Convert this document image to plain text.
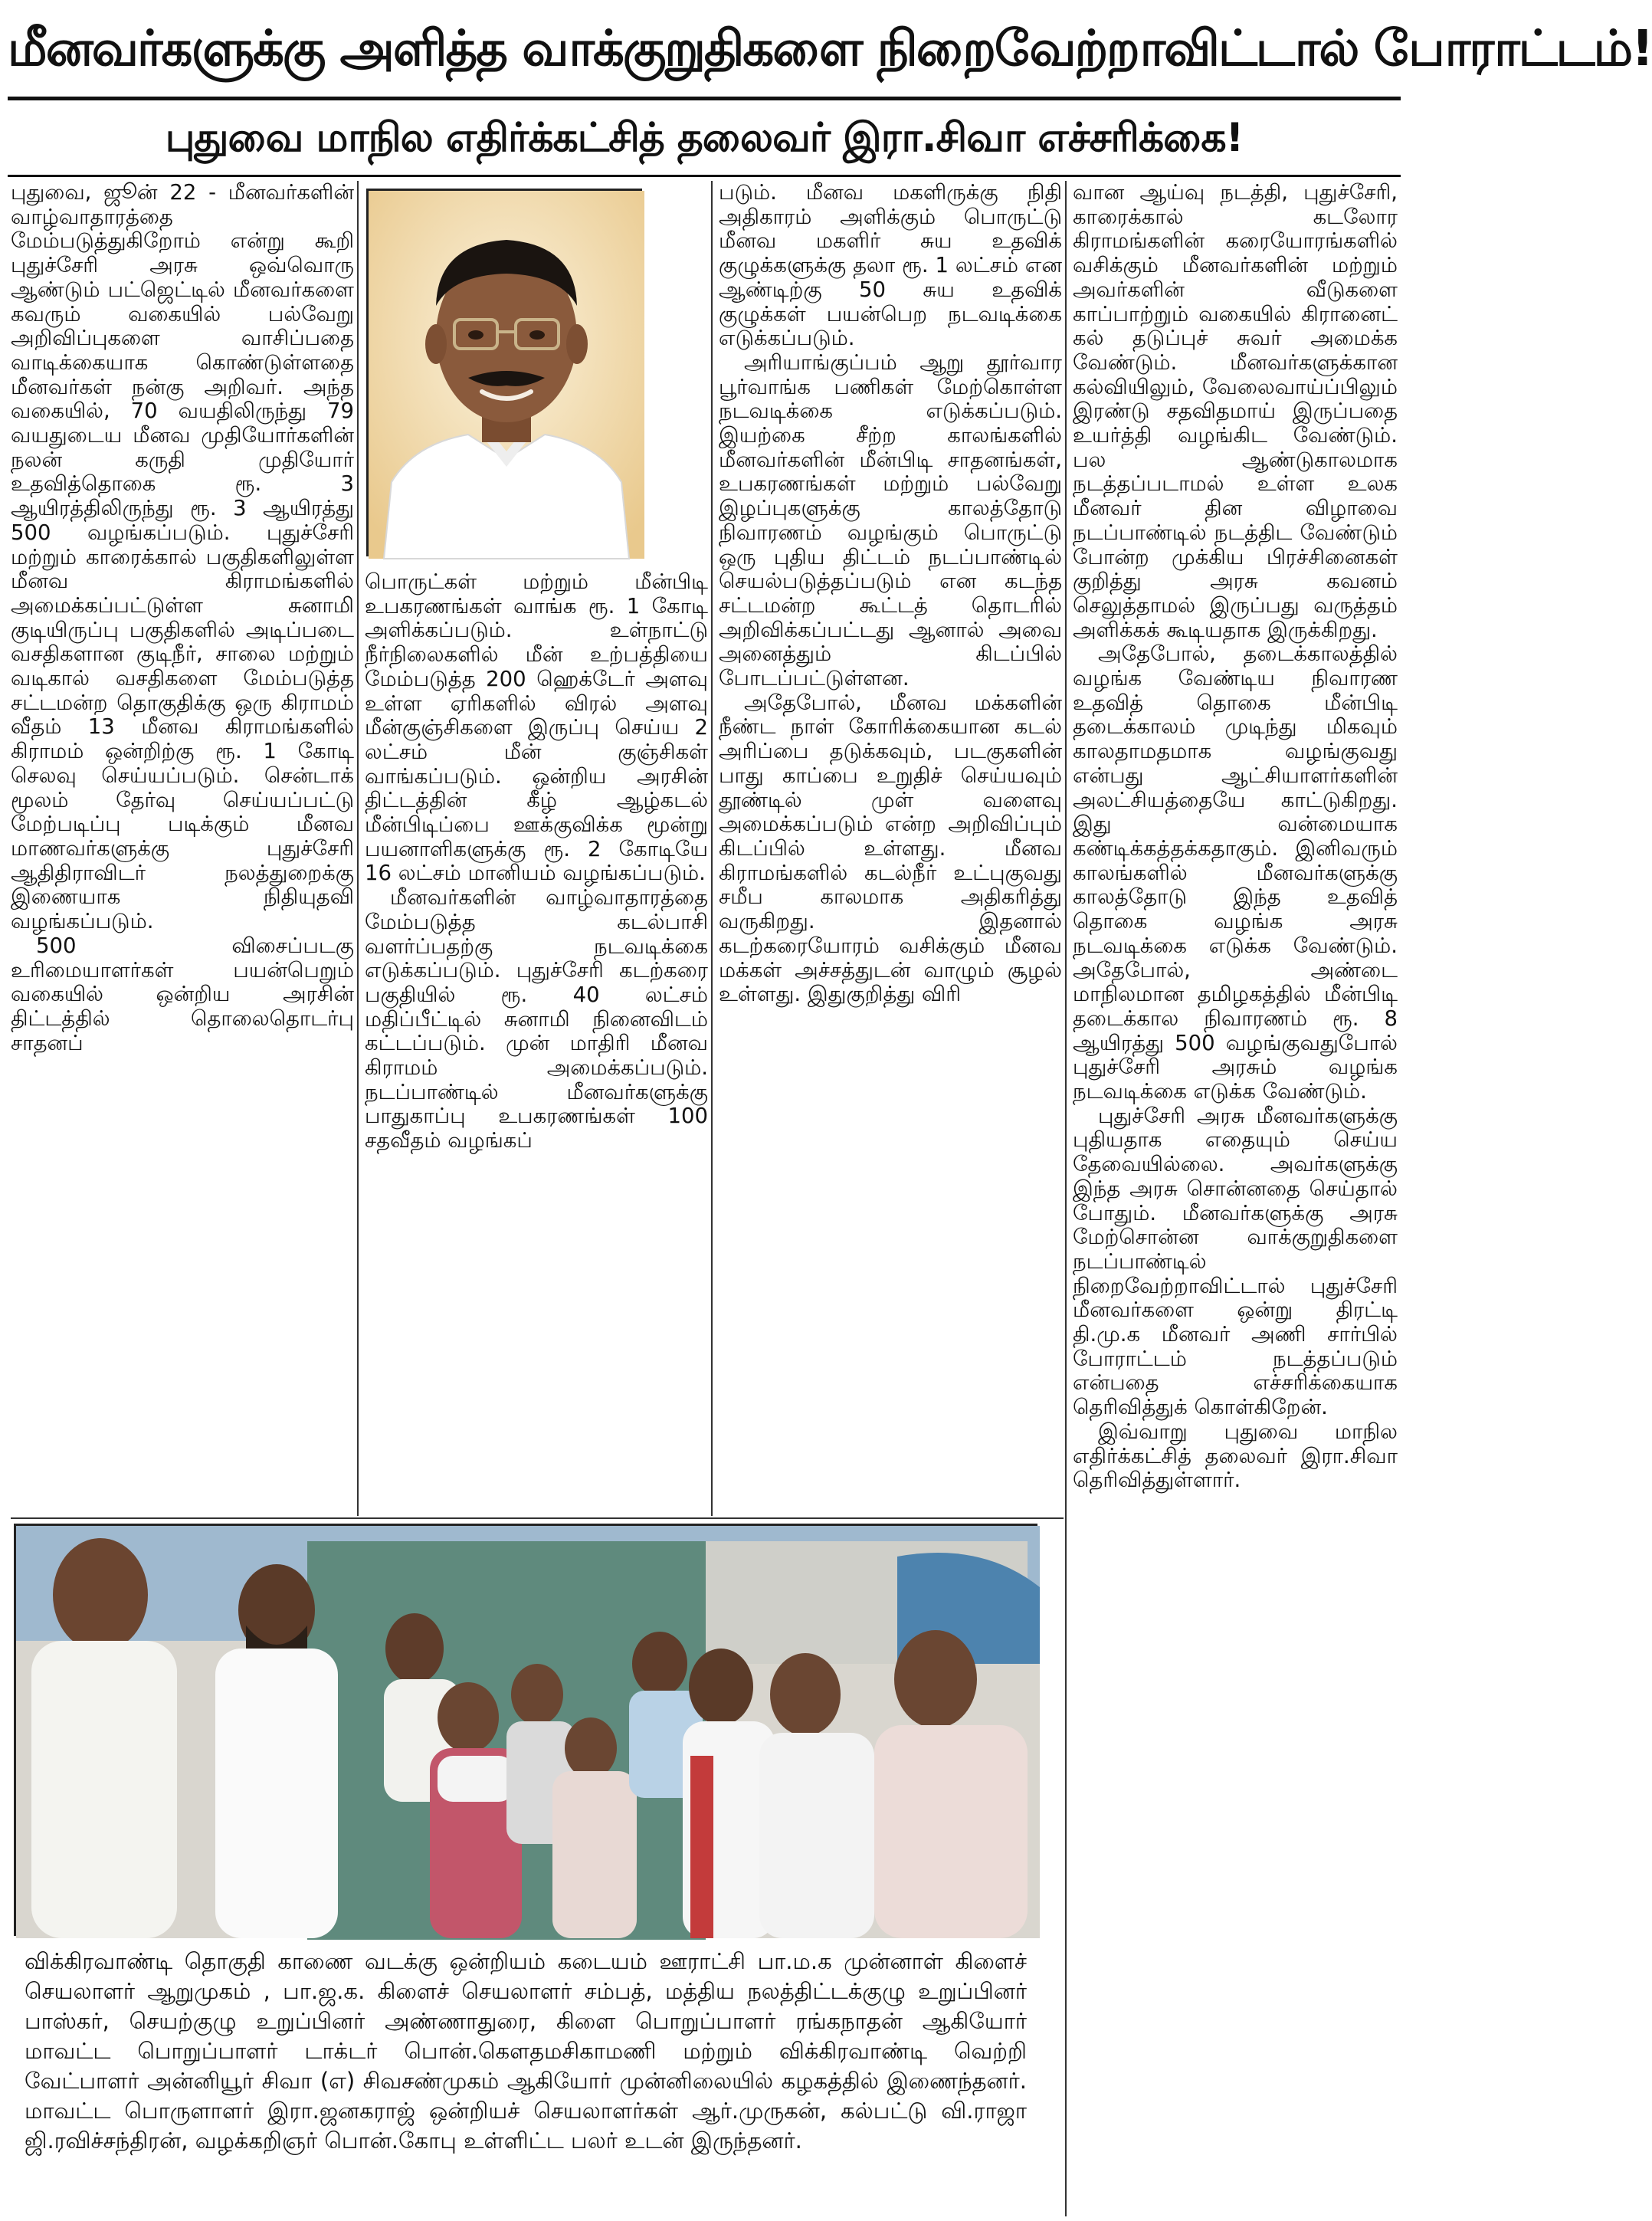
மீனவர்களுக்கு அளித்த வாக்குறுதிகளை நிறைவேற்றாவிட்டால் போராட்டம்!
புதுவை மாநில எதிர்க்கட்சித் தலைவர் இரா.சிவா எச்சரிக்கை!

புதுவை, ஜூன் 22 - மீனவர்களின் வாழ்வாதாரத்தை மேம்படுத்துகிறோம் என்று கூறி புதுச்சேரி அரசு ஒவ்வொரு ஆண்டும் பட்ஜெட்டில் மீனவர்களை கவரும் வகையில் பல்வேறு அறிவிப்புகளை வாசிப்பதை வாடிக்கையாக கொண்டுள்ளதை மீனவர்கள் நன்கு அறிவர். அந்த வகையில், 70 வயதிலிருந்து 79 வயதுடைய மீனவ முதியோர்களின் நலன் கருதி முதியோர் உதவித்தொகை ரூ. 3 ஆயிரத்திலிருந்து ரூ. 3 ஆயிரத்து 500 வழங்கப்படும். புதுச்சேரி மற்றும் காரைக்கால் பகுதிகளிலுள்ள மீனவ கிராமங்களில் அமைக்கப்பட்டுள்ள சுனாமி குடியிருப்பு பகுதிகளில் அடிப்படை வசதிகளான குடிநீர், சாலை மற்றும் வடிகால் வசதிகளை மேம்படுத்த சட்டமன்ற தொகுதிக்கு ஒரு கிராமம் வீதம் 13 மீனவ கிராமங்களில் கிராமம் ஒன்றிற்கு ரூ. 1 கோடி செலவு செய்யப்படும். சென்டாக் மூலம் தேர்வு செய்யப்பட்டு மேற்படிப்பு படிக்கும் மீனவ மாணவர்களுக்கு புதுச்சேரி ஆதிதிராவிடர் நலத்துறைக்கு இணையாக நிதியுதவி வழங்கப்படும்.

500 விசைப்படகு உரிமையாளர்கள் பயன்பெறும் வகையில் ஒன்றிய அரசின் திட்டத்தில் தொலைதொடர்பு சாதனப்

பொருட்கள் மற்றும் மீன்பிடி உபகரணங்கள் வாங்க ரூ. 1 கோடி அளிக்கப்படும். உள்நாட்டு நீர்நிலைகளில் மீன் உற்பத்தியை மேம்படுத்த 200 ஹெக்டேர் அளவு உள்ள ஏரிகளில் விரல் அளவு மீன்குஞ்சிகளை இருப்பு செய்ய 2 லட்சம் மீன் குஞ்சிகள் வாங்கப்படும். ஒன்றிய அரசின் திட்டத்தின் கீழ் ஆழ்கடல் மீன்பிடிப்பை ஊக்குவிக்க மூன்று பயனாளிகளுக்கு ரூ. 2 கோடியே 16 லட்சம் மானியம் வழங்கப்படும்.

மீனவர்களின் வாழ்வாதாரத்தை மேம்படுத்த கடல்பாசி வளர்ப்பதற்கு நடவடிக்கை எடுக்கப்படும். புதுச்சேரி கடற்கரை பகுதியில் ரூ. 40 லட்சம் மதிப்பீட்டில் சுனாமி நினைவிடம் கட்டப்படும். முன் மாதிரி மீனவ கிராமம் அமைக்கப்படும். நடப்பாண்டில் மீனவர்களுக்கு பாதுகாப்பு உபகரணங்கள் 100 சதவீதம் வழங்கப்

படும். மீனவ மகளிருக்கு நிதி அதிகாரம் அளிக்கும் பொருட்டு மீனவ மகளிர் சுய உதவிக் குழுக்களுக்கு தலா ரூ. 1 லட்சம் என ஆண்டிற்கு 50 சுய உதவிக் குழுக்கள் பயன்பெற நடவடிக்கை எடுக்கப்படும்.

அரியாங்குப்பம் ஆறு தூர்வார பூர்வாங்க பணிகள் மேற்கொள்ள நடவடிக்கை எடுக்கப்படும். இயற்கை சீற்ற காலங்களில் மீனவர்களின் மீன்பிடி சாதனங்கள், உபகரணங்கள் மற்றும் பல்வேறு இழப்புகளுக்கு காலத்தோடு நிவாரணம் வழங்கும் பொருட்டு ஒரு புதிய திட்டம் நடப்பாண்டில் செயல்படுத்தப்படும் என கடந்த சட்டமன்ற கூட்டத் தொடரில் அறிவிக்கப்பட்டது ஆனால் அவை அனைத்தும் கிடப்பில் போடப்பட்டுள்ளன.

அதேபோல், மீனவ மக்களின் நீண்ட நாள் கோரிக்கையான கடல் அரிப்பை தடுக்கவும், படகுகளின் பாது காப்பை உறுதிச் செய்யவும் தூண்டில் முள் வளைவு அமைக்கப்படும் என்ற அறிவிப்பும் கிடப்பில் உள்ளது. மீனவ கிராமங்களில் கடல்நீர் உட்புகுவது சமீப காலமாக அதிகரித்து வருகிறது. இதனால் கடற்கரையோரம் வசிக்கும் மீனவ மக்கள் அச்சத்துடன் வாழும் சூழல் உள்ளது. இதுகுறித்து விரி

வான ஆய்வு நடத்தி, புதுச்சேரி, காரைக்கால் கடலோர கிராமங்களின் கரையோரங்களில் வசிக்கும் மீனவர்களின் மற்றும் அவர்களின் வீடுகளை காப்பாற்றும் வகையில் கிரானைட் கல் தடுப்புச் சுவர் அமைக்க வேண்டும். மீனவர்களுக்கான கல்வியிலும், வேலைவாய்ப்பிலும் இரண்டு சதவிதமாய் இருப்பதை உயர்த்தி வழங்கிட வேண்டும். பல ஆண்டுகாலமாக நடத்தப்படாமல் உள்ள உலக மீனவர் தின விழாவை நடப்பாண்டில் நடத்திட வேண்டும் போன்ற முக்கிய பிரச்சினைகள் குறித்து அரசு கவனம் செலுத்தாமல் இருப்பது வருத்தம் அளிக்கக் கூடியதாக இருக்கிறது.

அதேபோல், தடைக்காலத்தில் வழங்க வேண்டிய நிவாரண உதவித் தொகை மீன்பிடி தடைக்காலம் முடிந்து மிகவும் காலதாமதமாக வழங்குவது என்பது ஆட்சியாளர்களின் அலட்சியத்தையே காட்டுகிறது. இது வன்மையாக கண்டிக்கத்தக்கதாகும். இனிவரும் காலங்களில் மீனவர்களுக்கு காலத்தோடு இந்த உதவித் தொகை வழங்க அரசு நடவடிக்கை எடுக்க வேண்டும். அதேபோல், அண்டை மாநிலமான தமிழகத்தில் மீன்பிடி தடைக்கால நிவாரணம் ரூ. 8 ஆயிரத்து 500 வழங்குவதுபோல் புதுச்சேரி அரசும் வழங்க நடவடிக்கை எடுக்க வேண்டும்.

புதுச்சேரி அரசு மீனவர்களுக்கு புதியதாக எதையும் செய்ய தேவையில்லை. அவர்களுக்கு இந்த அரசு சொன்னதை செய்தால் போதும். மீனவர்களுக்கு அரசு மேற்சொன்ன வாக்குறுதிகளை நடப்பாண்டில் நிறைவேற்றாவிட்டால் புதுச்சேரி மீனவர்களை ஒன்று திரட்டி தி.மு.க மீனவர் அணி சார்பில் போராட்டம் நடத்தப்படும் என்பதை எச்சரிக்கையாக தெரிவித்துக் கொள்கிறேன்.

இவ்வாறு புதுவை மாநில எதிர்க்கட்சித் தலைவர் இரா.சிவா தெரிவித்துள்ளார்.

விக்கிரவாண்டி தொகுதி காணை வடக்கு ஒன்றியம் கடையம் ஊராட்சி பா.ம.க முன்னாள் கிளைச் செயலாளர் ஆறுமுகம் , பா.ஜ.க. கிளைச் செயலாளர் சம்பத், மத்திய நலத்திட்டக்குழு உறுப்பினர் பாஸ்கர், செயற்குழு உறுப்பினர் அண்ணாதுரை, கிளை பொறுப்பாளர் ரங்கநாதன் ஆகியோர் மாவட்ட பொறுப்பாளர் டாக்டர் பொன்.கௌதமசிகாமணி மற்றும் விக்கிரவாண்டி வெற்றி வேட்பாளர் அன்னியூர் சிவா (எ) சிவசண்முகம் ஆகியோர் முன்னிலையில் கழகத்தில் இணைந்தனர். மாவட்ட பொருளாளர் இரா.ஜனகராஜ் ஒன்றியச் செயலாளர்கள் ஆர்.முருகன், கல்பட்டு வி.ராஜா ஜி.ரவிச்சந்திரன், வழக்கறிஞர் பொன்.கோபு உள்ளிட்ட பலர் உடன் இருந்தனர்.
